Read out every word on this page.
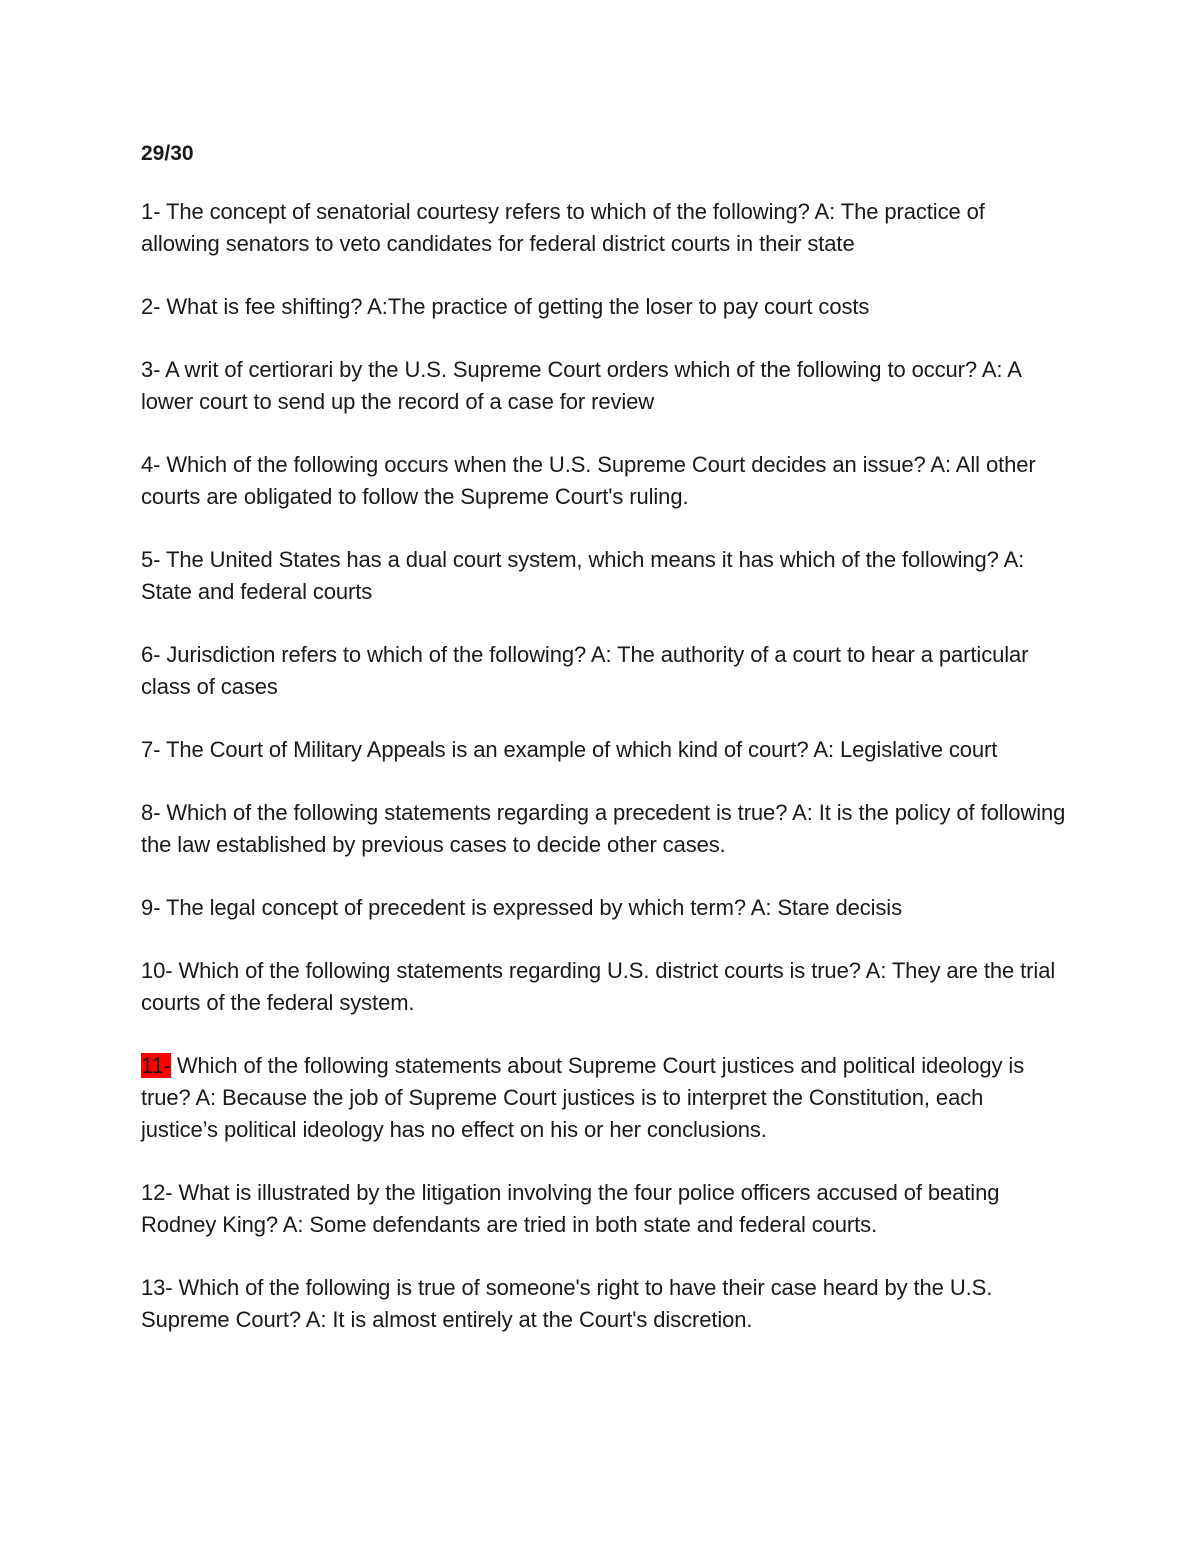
29/30

1- The concept of senatorial courtesy refers to which of the following? A: The practice of allowing senators to veto candidates for federal district courts in their state

2- What is fee shifting? A:The practice of getting the loser to pay court costs

3- A writ of certiorari by the U.S. Supreme Court orders which of the following to occur? A: A lower court to send up the record of a case for review

4- Which of the following occurs when the U.S. Supreme Court decides an issue? A: All other courts are obligated to follow the Supreme Court's ruling.

5- The United States has a dual court system, which means it has which of the following? A: State and federal courts

6- Jurisdiction refers to which of the following? A: The authority of a court to hear a particular class of cases

7- The Court of Military Appeals is an example of which kind of court? A: Legislative court

8- Which of the following statements regarding a precedent is true? A: It is the policy of following the law established by previous cases to decide other cases.

9- The legal concept of precedent is expressed by which term? A: Stare decisis

10- Which of the following statements regarding U.S. district courts is true? A: They are the trial courts of the federal system.

11- Which of the following statements about Supreme Court justices and political ideology is true? A: Because the job of Supreme Court justices is to interpret the Constitution, each justice’s political ideology has no effect on his or her conclusions.

12- What is illustrated by the litigation involving the four police officers accused of beating Rodney King? A: Some defendants are tried in both state and federal courts.

13- Which of the following is true of someone's right to have their case heard by the U.S. Supreme Court? A: It is almost entirely at the Court's discretion.
